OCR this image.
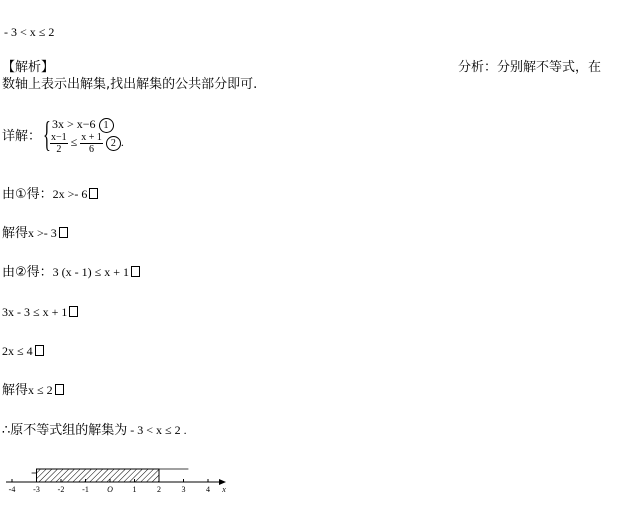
- 3 < x ≤ 2
【解析】	分析：分别解不等式，在
数轴上表示出解集,找出解集的公共部分即可.
详解： { 3x > x−6 1
$\frac{x-1}{2} \le \frac{x + 1}{6} 2$ .
由①得：2x >- 6
解得x >- 3
由②得：3 (x - 1) ≤ x + 1
3x - 3 ≤ x + 1
2x ≤ 4
解得x ≤ 2
∴原不等式组的解集为 - 3 < x ≤ 2 .
-4 -3 -2 -1 O 1	2	3	4 x
